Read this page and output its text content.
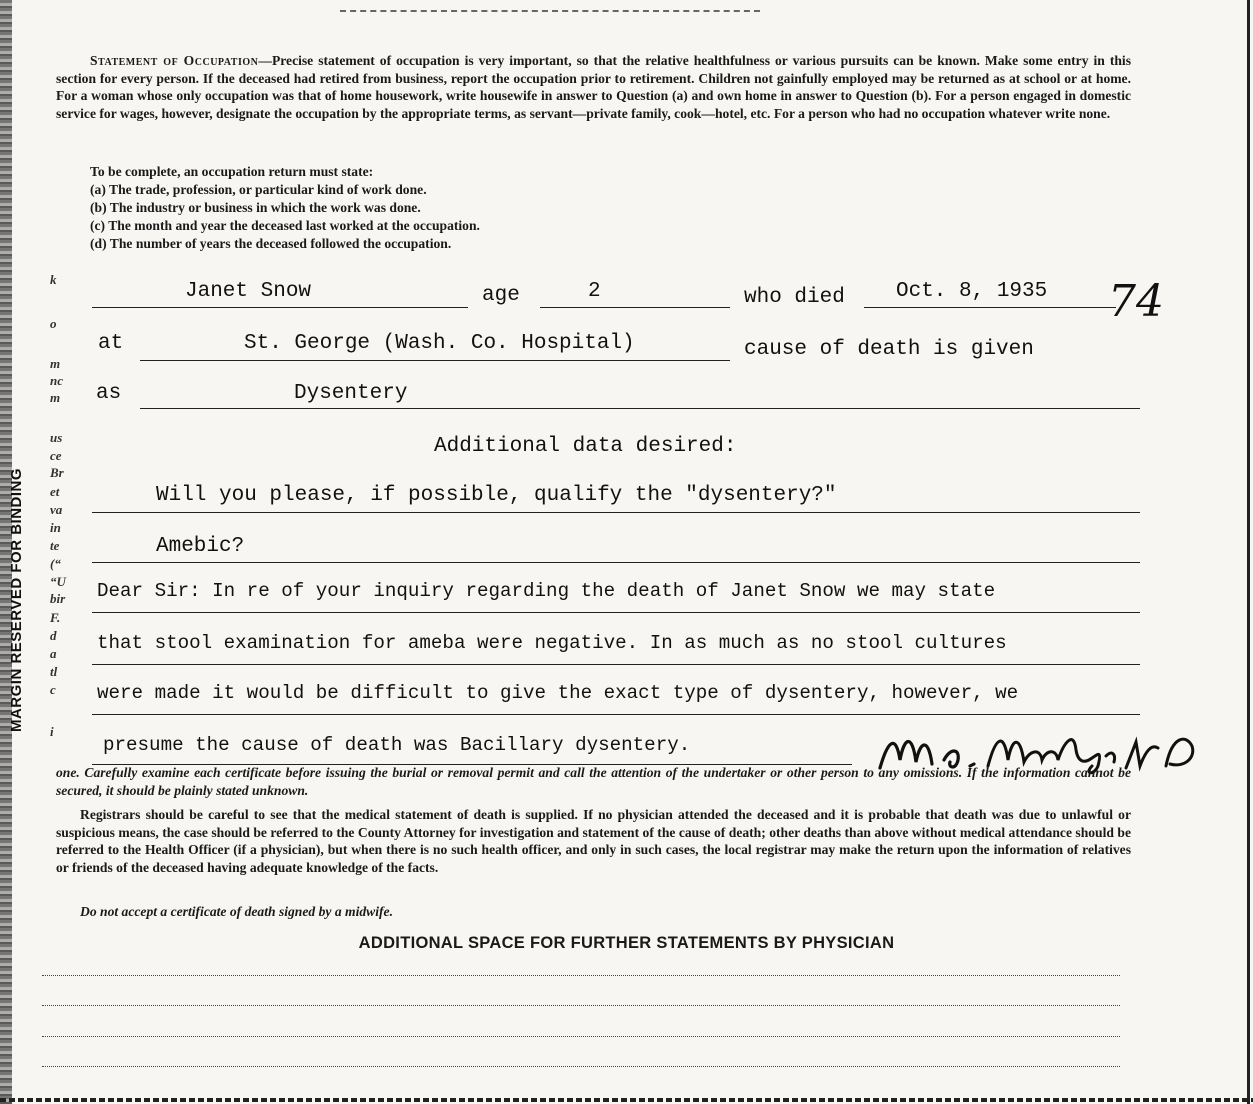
MARGIN RESERVED FOR BINDING

Statement of Occupation—Precise statement of occupation is very important, so that the relative healthfulness or various pursuits can be known. Make some entry in this section for every person. If the deceased had retired from business, report the occupation prior to retirement. Children not gainfully employed may be returned as at school or at home. For a woman whose only occupation was that of home housework, write housewife in answer to Question (a) and own home in answer to Question (b). For a person engaged in domestic service for wages, however, designate the occupation by the appropriate terms, as servant—private family, cook—hotel, etc. For a person who had no occupation whatever write none.

To be complete, an occupation return must state:

(a) The trade, profession, or particular kind of work done.

(b) The industry or business in which the work was done.

(c) The month and year the deceased last worked at the occupation.

(d) The number of years the deceased followed the occupation.

k
o
m
nc
m
us
ce
Br
et
va
in
te
(“
“U
bir
F.
d
a
tl
c
i
Janet Snow	age	2	who died Oct. 8, 1935 74
at	St. George (Wash. Co. Hospital)	cause of death is given
as	Dysentery
Additional data desired:
Will you please, if possible, qualify the "dysentery?"
Amebic?
Dear Sir: In re of your inquiry regarding the death of Janet Snow we may state
that stool examination for ameba were negative. In as much as no stool cultures
were made it would be difficult to give the exact type of dysentery, however, we
presume the cause of death was Bacillary dysentery.
M. E. Moody M.D.

one. Carefully examine each certificate before issuing the burial or removal permit and call the attention of the undertaker or other person to any omissions. If the information cannot be secured, it should be plainly stated unknown.

Registrars should be careful to see that the medical statement of death is supplied. If no physician attended the deceased and it is probable that death was due to unlawful or suspicious means, the case should be referred to the County Attorney for investigation and statement of the cause of death; other deaths than above without medical attendance should be referred to the Health Officer (if a physician), but when there is no such health officer, and only in such cases, the local registrar may make the return upon the information of relatives or friends of the deceased having adequate knowledge of the facts.

Do not accept a certificate of death signed by a midwife.

ADDITIONAL SPACE FOR FURTHER STATEMENTS BY PHYSICIAN
